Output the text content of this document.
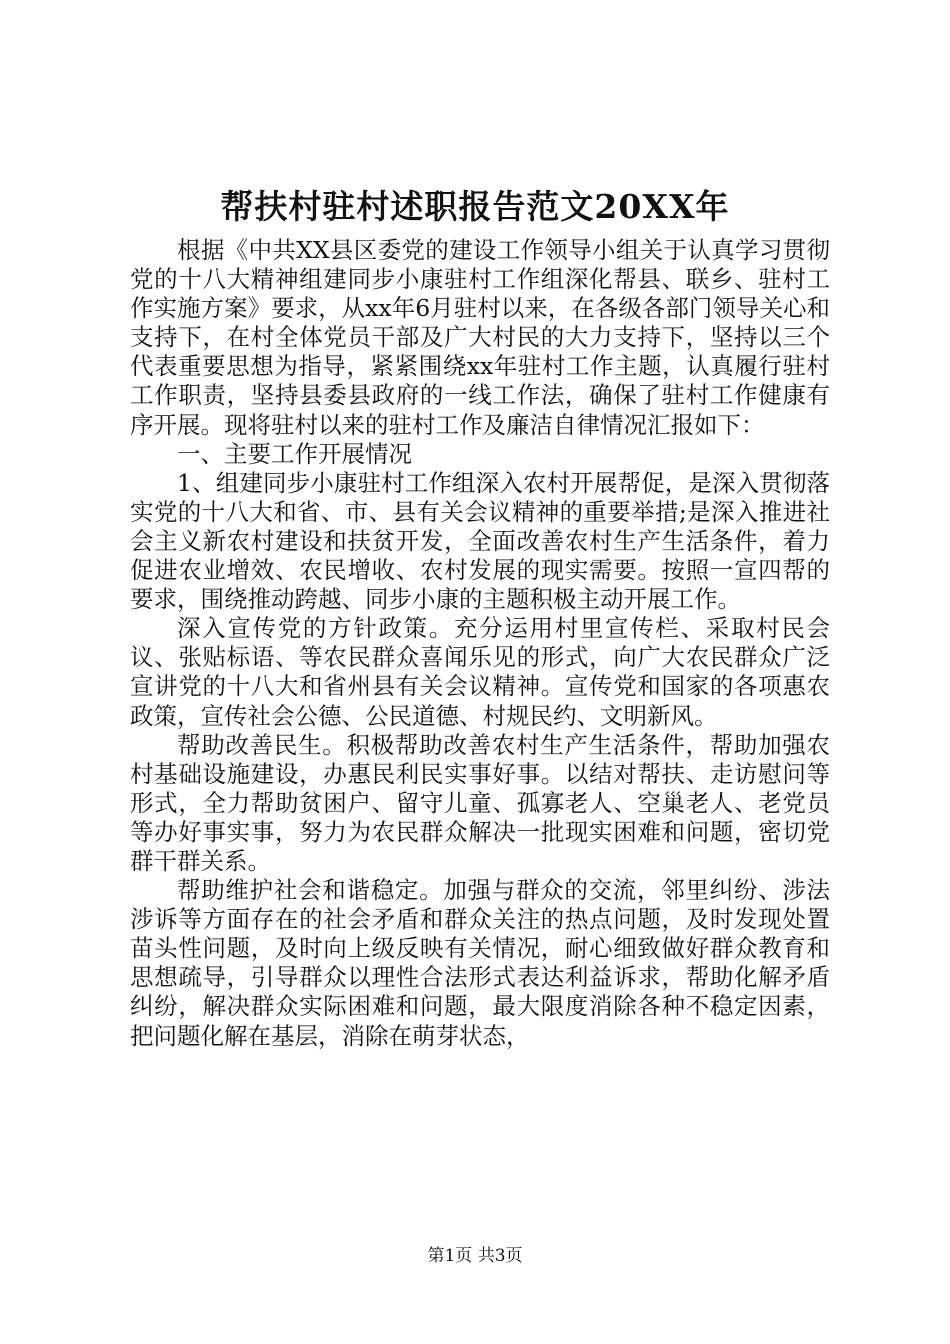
帮扶村驻村述职报告范文20XX年

根据《中共XX县区委党的建设工作领导小组关于认真学习贯彻党的十八大精神组建同步小康驻村工作组深化帮县、联乡、驻村工作实施方案》要求，从xx年6月驻村以来，在各级各部门领导关心和支持下，在村全体党员干部及广大村民的大力支持下，坚持以三个代表重要思想为指导，紧紧围绕xx年驻村工作主题，认真履行驻村工作职责，坚持县委县政府的一线工作法，确保了驻村工作健康有序开展。现将驻村以来的驻村工作及廉洁自律情况汇报如下：

一、主要工作开展情况

1、组建同步小康驻村工作组深入农村开展帮促，是深入贯彻落实党的十八大和省、市、县有关会议精神的重要举措;是深入推进社会主义新农村建设和扶贫开发，全面改善农村生产生活条件，着力促进农业增效、农民增收、农村发展的现实需要。按照一宣四帮的要求，围绕推动跨越、同步小康的主题积极主动开展工作。

深入宣传党的方针政策。充分运用村里宣传栏、采取村民会议、张贴标语、等农民群众喜闻乐见的形式，向广大农民群众广泛宣讲党的十八大和省州县有关会议精神。宣传党和国家的各项惠农政策，宣传社会公德、公民道德、村规民约、文明新风。

帮助改善民生。积极帮助改善农村生产生活条件，帮助加强农村基础设施建设，办惠民利民实事好事。以结对帮扶、走访慰问等形式，全力帮助贫困户、留守儿童、孤寡老人、空巢老人、老党员等办好事实事，努力为农民群众解决一批现实困难和问题，密切党群干群关系。

帮助维护社会和谐稳定。加强与群众的交流，邻里纠纷、涉法涉诉等方面存在的社会矛盾和群众关注的热点问题，及时发现处置苗头性问题，及时向上级反映有关情况，耐心细致做好群众教育和思想疏导，引导群众以理性合法形式表达利益诉求，帮助化解矛盾纠纷，解决群众实际困难和问题，最大限度消除各种不稳定因素，把问题化解在基层，消除在萌芽状态，

第1页 共3页
